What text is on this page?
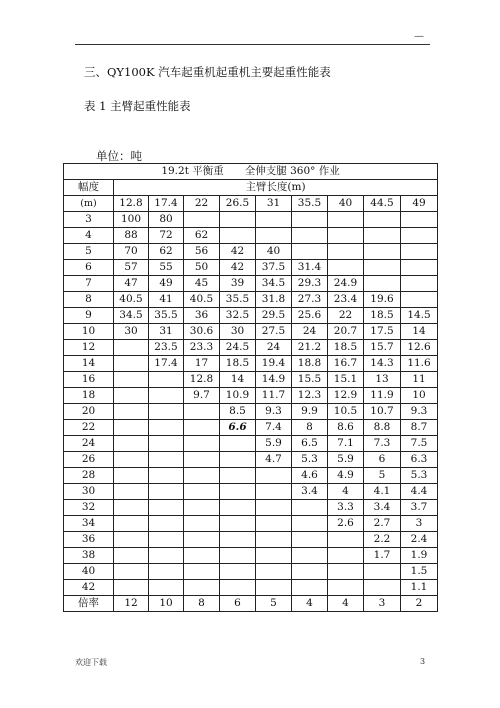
—
三、QY100K 汽车起重机起重机主要起重性能表
表 1 主臂起重性能表
单位：吨
19.2t 平衡重　　全伸支腿 360° 作业									
幅度	主臂长度(m)								
(m)	12.8	17.4	22	26.5	31	35.5	40	44.5	49
3	100	80							
4	88	72	62						
5	70	62	56	42	40				
6	57	55	50	42	37.5	31.4			
7	47	49	45	39	34.5	29.3	24.9		
8	40.5	41	40.5	35.5	31.8	27.3	23.4	19.6	
9	34.5	35.5	36	32.5	29.5	25.6	22	18.5	14.5
10	30	31	30.6	30	27.5	24	20.7	17.5	14
12		23.5	23.3	24.5	24	21.2	18.5	15.7	12.6
14		17.4	17	18.5	19.4	18.8	16.7	14.3	11.6
16			12.8	14	14.9	15.5	15.1	13	11
18			9.7	10.9	11.7	12.3	12.9	11.9	10
20				8.5	9.3	9.9	10.5	10.7	9.3
22				6.6	7.4	8	8.6	8.8	8.7
24					5.9	6.5	7.1	7.3	7.5
26					4.7	5.3	5.9	6	6.3
28						4.6	4.9	5	5.3
30						3.4	4	4.1	4.4
32							3.3	3.4	3.7
34							2.6	2.7	3
36								2.2	2.4
38								1.7	1.9
40									1.5
42									1.1
倍率	12	10	8	6	5	4	4	3	2
欢迎下载	3
